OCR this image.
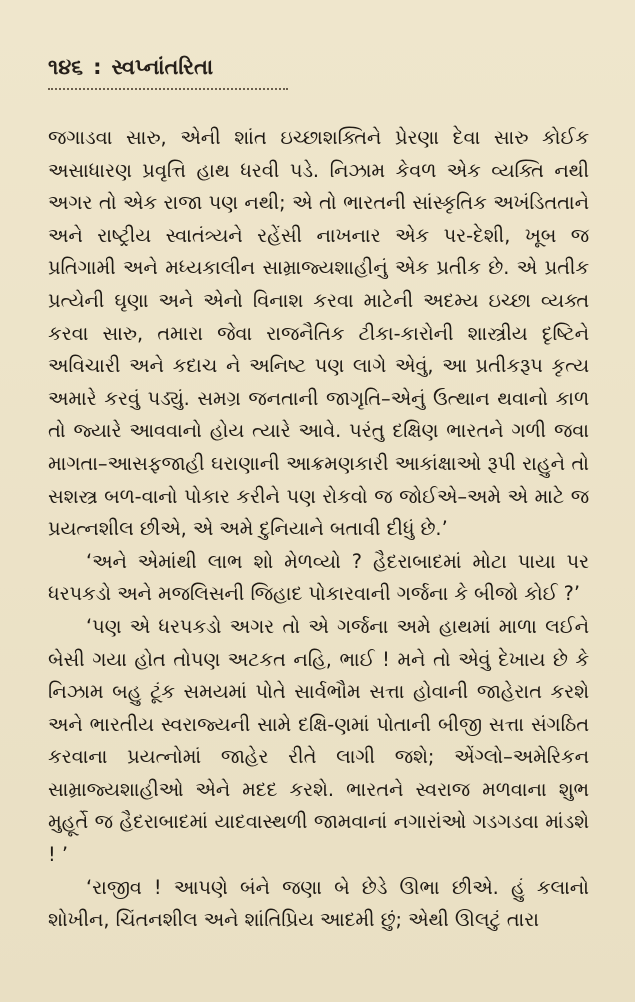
૧૪૬ : સ્વપ્નાંતરિતા

જગાડવા સારુ, એની શાંત ઇચ્છાશક્તિને પ્રેરણા દેવા સારુ કોઈક અસાધારણ પ્રવૃત્તિ હાથ ધરવી પડે. નિઝામ કેવળ એક વ્યક્તિ નથી અગર તો એક રાજા પણ નથી; એ તો ભારતની સાંસ્કૃતિક અખંડિતતાને અને રાષ્ટ્રીય સ્વાતંત્ર્યને રહેંસી નાખનાર એક પર-દેશી, ખૂબ જ પ્રતિગામી અને મધ્યકાલીન સામ્રાજ્યશાહીનું એક પ્રતીક છે. એ પ્રતીક પ્રત્યેની ઘૃણા અને એનો વિનાશ કરવા માટેની અદમ્ય ઇચ્છા વ્યક્ત કરવા સારુ, તમારા જેવા રાજનૈતિક ટીકા-કારોની શાસ્ત્રીય દૃષ્ટિને અવિચારી અને કદાચ ને અનિષ્ટ પણ લાગે એવું, આ પ્રતીકરૂપ કૃત્ય અમારે કરવું પડ્યું. સમગ્ર જનતાની જાગૃતિ–એનું ઉત્થાન થવાનો કાળ તો જ્યારે આવવાનો હોય ત્યારે આવે. પરંતુ દક્ષિણ ભારતને ગળી જવા માગતા–આસફજાહી ઘરાણાની આક્રમણકારી આકાંક્ષાઓ રૂપી રાહુને તો સશસ્ત્ર બળ-વાનો પોકાર કરીને પણ રોકવો જ જોઈએ–અમે એ માટે જ પ્રયત્નશીલ છીએ, એ અમે દુનિયાને બતાવી દીધું છે.’

‘અને એમાંથી લાભ શો મેળવ્યો ? હૈદરાબાદમાં મોટા પાયા પર ધરપકડો અને મજલિસની જિહાદ પોકારવાની ગર્જના કે બીજો કોઈ ?’

‘પણ એ ધરપકડો અગર તો એ ગર્જના અમે હાથમાં માળા લઈને બેસી ગયા હોત તોપણ અટકત નહિ, ભાઈ ! મને તો એવું દેખાય છે કે નિઝામ બહુ ટૂંક સમયમાં પોતે સાર્વભૌમ સત્તા હોવાની જાહેરાત કરશે અને ભારતીય સ્વરાજ્યની સામે દક્ષિ-ણમાં પોતાની બીજી સત્તા સંગઠિત કરવાના પ્રયત્નોમાં જાહેર રીતે લાગી જશે; એંગ્લો–અમેરિકન સામ્રાજ્યશાહીઓ એને મદદ કરશે. ભારતને સ્વરાજ મળવાના શુભ મુહૂર્તે જ હૈદરાબાદમાં યાદવાસ્થળી જામવાનાં નગારાંઓ ગડગડવા માંડશે ! ’

‘રાજીવ ! આપણે બંને જણા બે છેડે ઊભા છીએ. હું કલાનો શોખીન, ચિંતનશીલ અને શાંતિપ્રિય આદમી છું; એથી ઊલટું તારા
